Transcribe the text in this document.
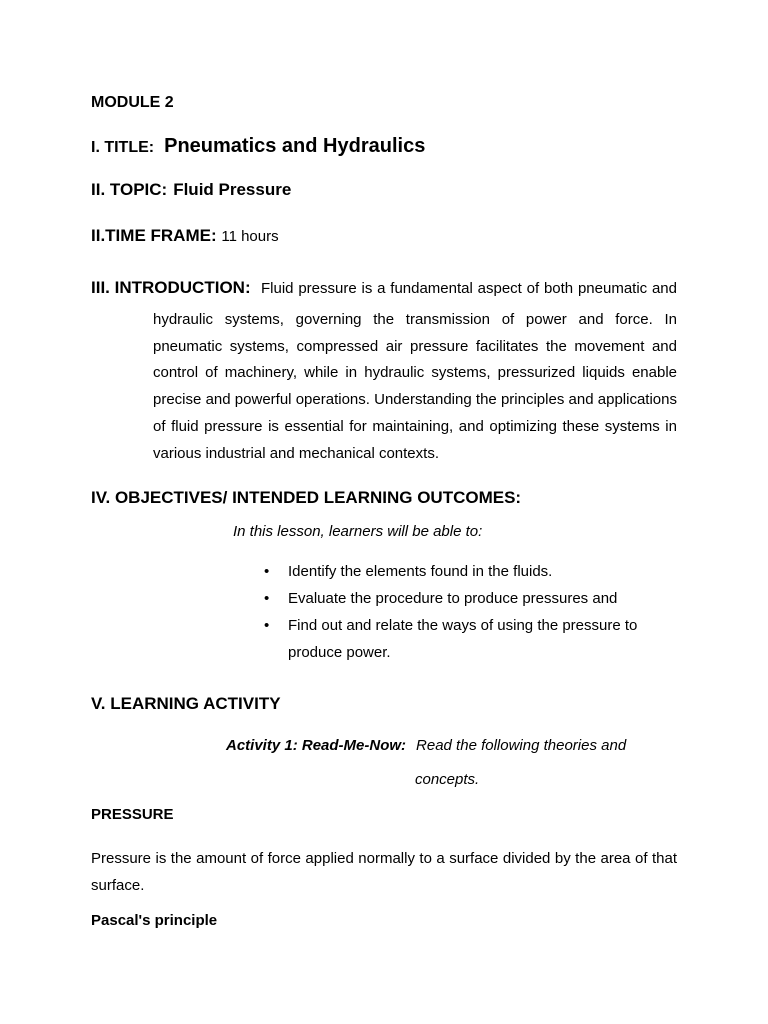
MODULE 2
I. TITLE: Pneumatics and Hydraulics
II. TOPIC: Fluid Pressure
II.TIME FRAME: 11 hours
III. INTRODUCTION: Fluid pressure is a fundamental aspect of both pneumatic and
hydraulic systems, governing the transmission of power and force. In pneumatic systems, compressed air pressure facilitates the movement and control of machinery, while in hydraulic systems, pressurized liquids enable precise and powerful operations. Understanding the principles and applications of fluid pressure is essential for maintaining, and optimizing these systems in various industrial and mechanical contexts.
IV. OBJECTIVES/ INTENDED LEARNING OUTCOMES:
In this lesson, learners will be able to:
• Identify the elements found in the fluids.
• Evaluate the procedure to produce pressures and
• Find out and relate the ways of using the pressure to produce power.
V. LEARNING ACTIVITY
Activity 1: Read-Me-Now: Read the following theories and
concepts.
PRESSURE
Pressure is the amount of force applied normally to a surface divided by the area of that surface.
Pascal's principle
